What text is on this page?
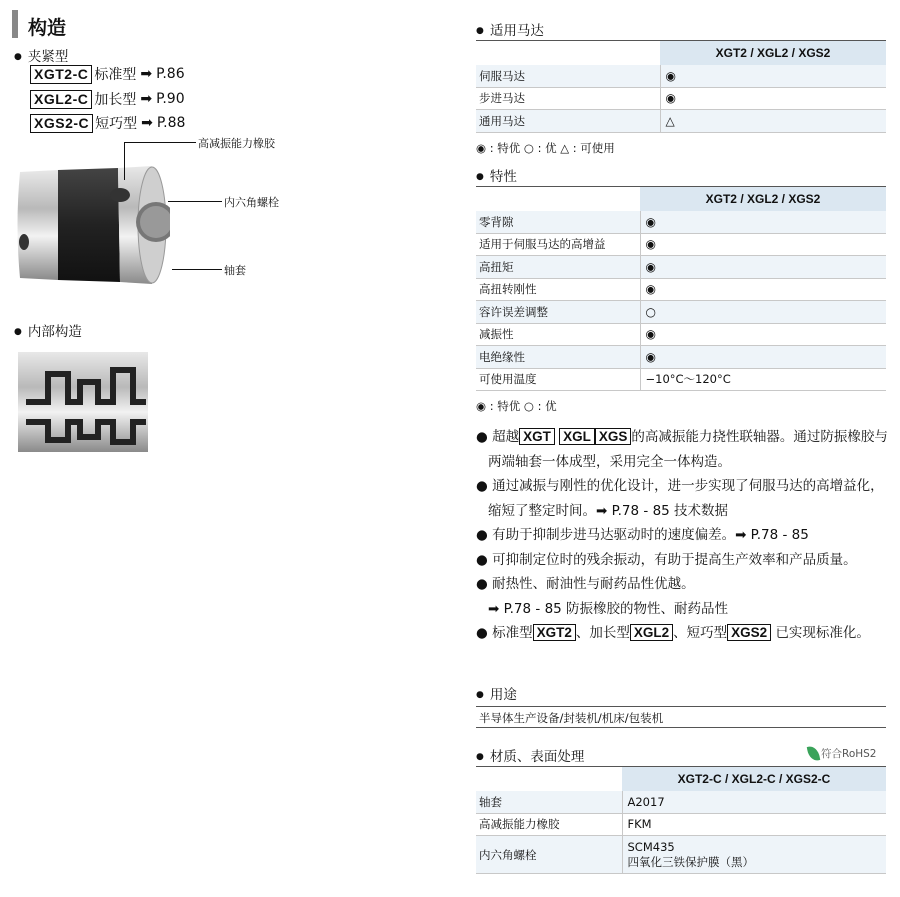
构造
● 夹紧型
XGT2-C 标准型 ➡ P.86
XGL2-C 加长型 ➡ P.90
XGS2-C 短巧型 ➡ P.88
高减振能力橡胶
内六角螺栓
轴套
● 内部构造
● 适用马达
	XGT2 / XGL2 / XGS2
伺服马达	◉
步进马达	◉
通用马达	△
◉ : 特优 ○ : 优 △ : 可使用
● 特性
	XGT2 / XGL2 / XGS2
零背隙	◉
适用于伺服马达的高增益	◉
高扭矩	◉
高扭转刚性	◉
容许误差调整	○
减振性	◉
电绝缘性	◉
可使用温度	−10°C～120°C
◉ : 特优 ○ : 优

● 超越 XGT XGL XGS 的高减振能力挠性联轴器。通过防振橡胶与两端轴套一体成型，采用完全一体构造。

● 通过减振与刚性的优化设计，进一步实现了伺服马达的高增益化，缩短了整定时间。➡ P.78 - 85 技术数据

● 有助于抑制步进马达驱动时的速度偏差。➡ P.78 - 85

● 可抑制定位时的残余振动，有助于提高生产效率和产品质量。

● 耐热性、耐油性与耐药品性优越。
➡ P.78 - 85 防振橡胶的物性、耐药品性

● 标准型 XGT2 、加长型 XGL2 、短巧型 XGS2 已实现标准化。

● 用途
半导体生产设备/封装机/机床/包装机
● 材质、表面处理	符合RoHS2
	XGT2-C / XGL2-C / XGS2-C
轴套	A2017
高减振能力橡胶	FKM
内六角螺栓	SCM435
四氧化三铁保护膜（黑）
